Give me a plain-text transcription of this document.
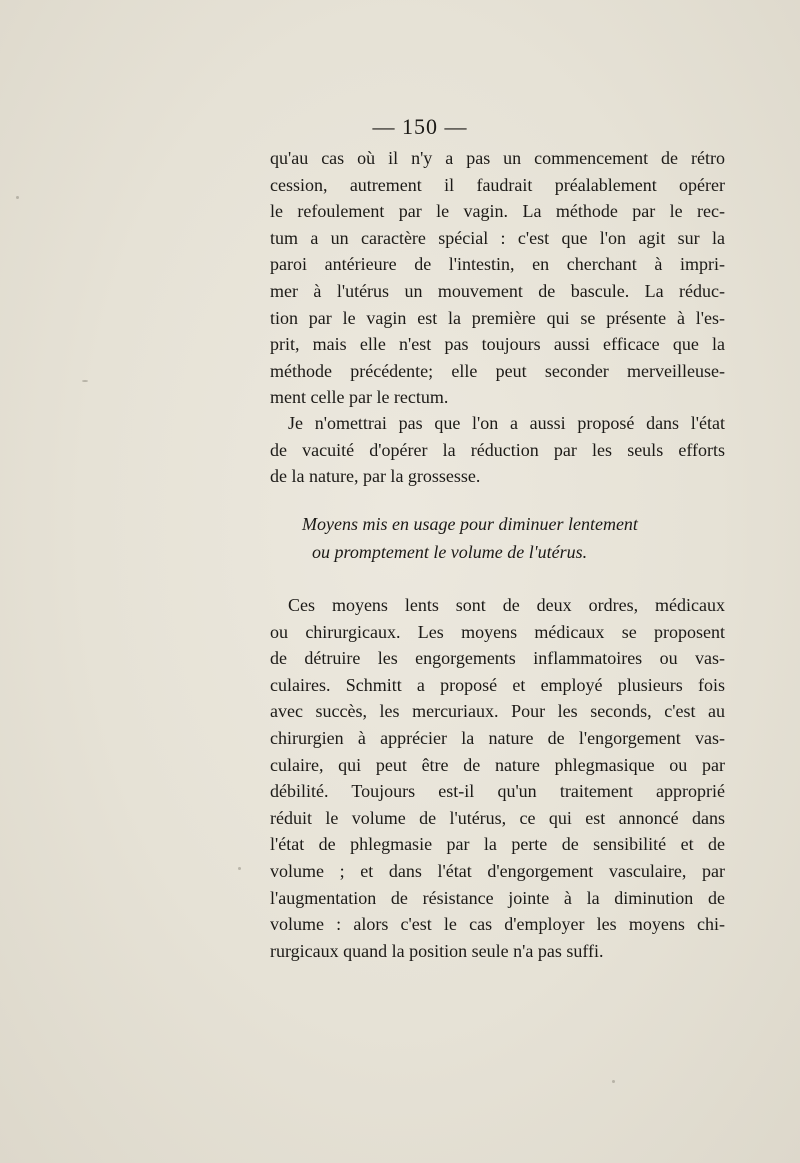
— 150 —
qu'au cas où il n'y a pas un commencement de rétro
cession, autrement il faudrait préalablement opérer
le refoulement par le vagin. La méthode par le rec-
tum a un caractère spécial : c'est que l'on agit sur la
paroi antérieure de l'intestin, en cherchant à impri-
mer à l'utérus un mouvement de bascule. La réduc-
tion par le vagin est la première qui se présente à l'es-
prit, mais elle n'est pas toujours aussi efficace que la
méthode précédente; elle peut seconder merveilleuse-
ment celle par le rectum.
Je n'omettrai pas que l'on a aussi proposé dans l'état
de vacuité d'opérer la réduction par les seuls efforts
de la nature, par la grossesse.
Moyens mis en usage pour diminuer lentement
ou promptement le volume de l'utérus.
Ces moyens lents sont de deux ordres, médicaux
ou chirurgicaux. Les moyens médicaux se proposent
de détruire les engorgements inflammatoires ou vas-
culaires. Schmitt a proposé et employé plusieurs fois
avec succès, les mercuriaux. Pour les seconds, c'est au
chirurgien à apprécier la nature de l'engorgement vas-
culaire, qui peut être de nature phlegmasique ou par
débilité. Toujours est-il qu'un traitement approprié
réduit le volume de l'utérus, ce qui est annoncé dans
l'état de phlegmasie par la perte de sensibilité et de
volume ; et dans l'état d'engorgement vasculaire, par
l'augmentation de résistance jointe à la diminution de
volume : alors c'est le cas d'employer les moyens chi-
rurgicaux quand la position seule n'a pas suffi.
